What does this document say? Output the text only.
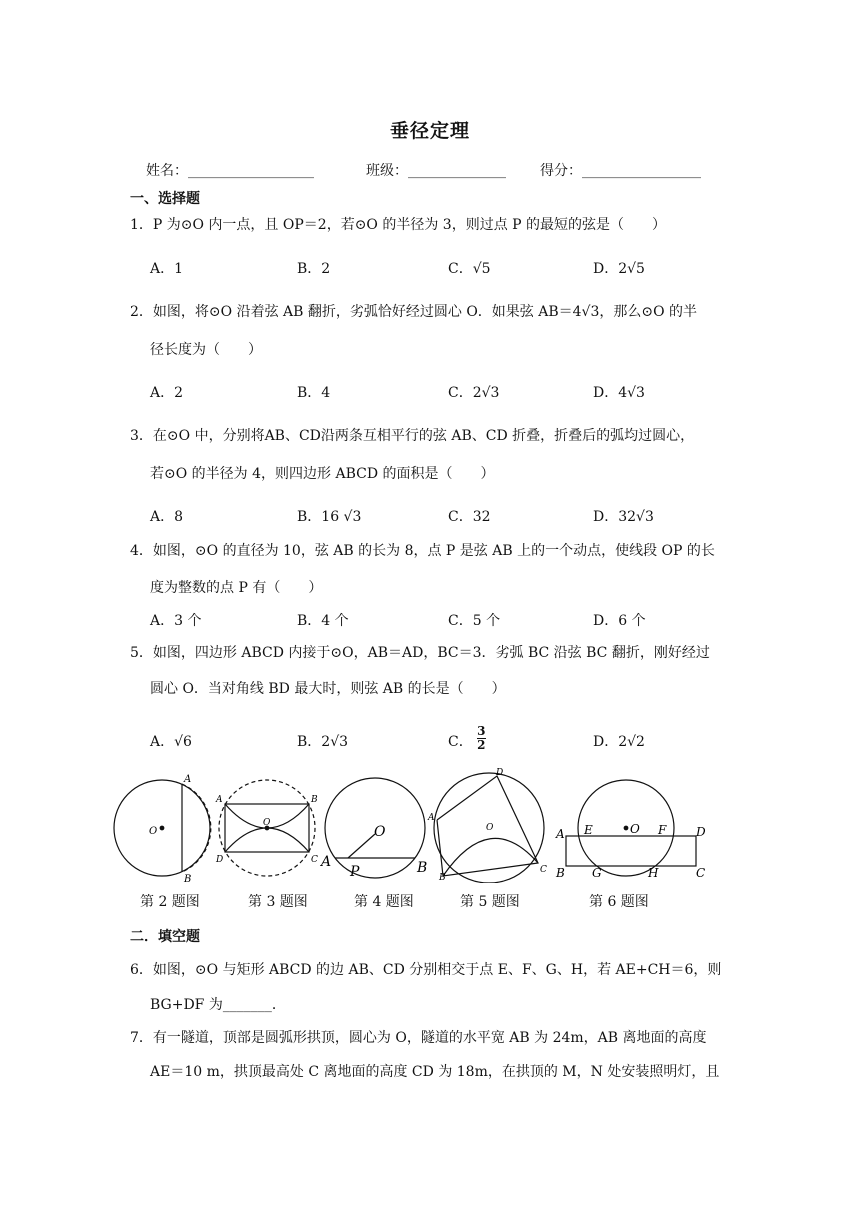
垂径定理
姓名：__________________	班级：______________ 得分：_________________
一、选择题
1．P 为⊙O 内一点，且 OP＝2，若⊙O 的半径为 3，则过点 P 的最短的弦是（　　）
A．1	B．2	C．√5	D．2√5
2．如图，将⊙O 沿着弦 AB 翻折，劣弧恰好经过圆心 O．如果弦 AB＝4√3，那么⊙O 的半
径长度为（　　）
A．2	B．4	C．2√3	D．4√3
3．在⊙O 中，分别将AB、CD沿两条互相平行的弦 AB、CD 折叠，折叠后的弧均过圆心，
若⊙O 的半径为 4，则四边形 ABCD 的面积是（　　）
A．8	B．16 √3	C．32	D．32√3
4．如图，⊙O 的直径为 10，弦 AB 的长为 8，点 P 是弦 AB 上的一个动点，使线段 OP 的长
度为整数的点 P 有（　　）
A．3 个	B．4 个	C．5 个	D．6 个
5．如图，四边形 ABCD 内接于⊙O，AB＝AD，BC＝3．劣弧 BC 沿弦 BC 翻折，刚好经过
圆心 O．当对角线 BD 最大时，则弦 AB 的长是（　　）
A．√6	B．2√3	C． $\frac{3}{2}$	D．2√2
A
B
O
A	B
C
D
O
O
A	B
P
D
A
C
B
O	A E	O F D
B G	H	C
第 2 题图	第 3 题图	第 4 题图	第 5 题图	第 6 题图
二．填空题
6．如图，⊙O 与矩形 ABCD 的边 AB、CD 分别相交于点 E、F、G、H，若 AE+CH＝6，则
BG+DF 为_______．
7．有一隧道，顶部是圆弧形拱顶，圆心为 O，隧道的水平宽 AB 为 24m，AB 离地面的高度
AE＝10 m，拱顶最高处 C 离地面的高度 CD 为 18m，在拱顶的 M，N 处安装照明灯，且
